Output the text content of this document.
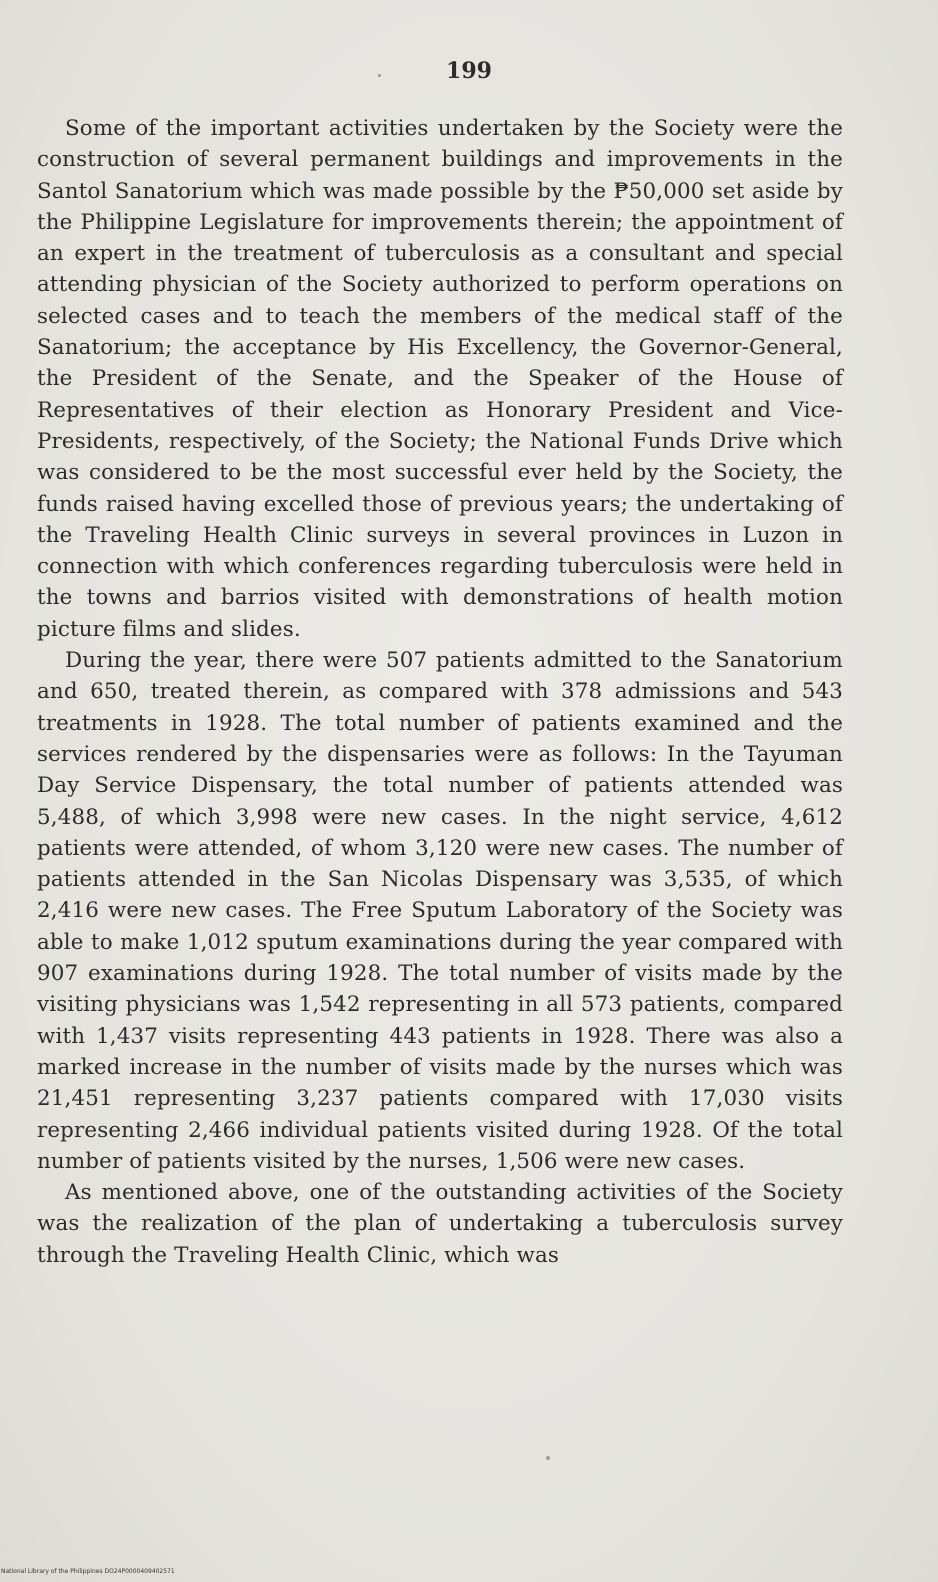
199

Some of the important activities undertaken by the Society were the construction of several permanent buildings and improvements in the Santol Sanatorium which was made possible by the ₱50,000 set aside by the Philippine Legislature for improvements therein; the appointment of an expert in the treatment of tuberculosis as a consultant and special attending physician of the Society authorized to perform operations on selected cases and to teach the members of the medical staff of the Sanatorium; the acceptance by His Excellency, the Governor-General, the President of the Senate, and the Speaker of the House of Representatives of their election as Honorary President and Vice-Presidents, respectively, of the Society; the National Funds Drive which was considered to be the most successful ever held by the Society, the funds raised having excelled those of previous years; the undertaking of the Traveling Health Clinic surveys in several provinces in Luzon in connection with which conferences regarding tuberculosis were held in the towns and barrios visited with demonstrations of health motion picture films and slides.

During the year, there were 507 patients admitted to the Sanatorium and 650, treated therein, as compared with 378 admissions and 543 treatments in 1928. The total number of patients examined and the services rendered by the dispensaries were as follows: In the Tayuman Day Service Dispensary, the total number of patients attended was 5,488, of which 3,998 were new cases. In the night service, 4,612 patients were attended, of whom 3,120 were new cases. The number of patients attended in the San Nicolas Dispensary was 3,535, of which 2,416 were new cases. The Free Sputum Laboratory of the Society was able to make 1,012 sputum examinations during the year compared with 907 examinations during 1928. The total number of visits made by the visiting physicians was 1,542 representing in all 573 patients, compared with 1,437 visits representing 443 patients in 1928. There was also a marked increase in the number of visits made by the nurses which was 21,451 representing 3,237 patients compared with 17,030 visits representing 2,466 individual patients visited during 1928. Of the total number of patients visited by the nurses, 1,506 were new cases.

As mentioned above, one of the outstanding activities of the Society was the realization of the plan of undertaking a tuberculosis survey through the Traveling Health Clinic, which was

National Library of the Philippines DO24P0000409402571
